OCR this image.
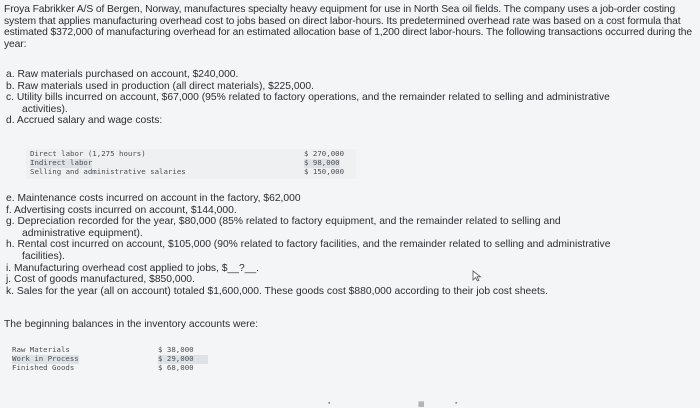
Froya Fabrikker A/S of Bergen, Norway, manufactures specialty heavy equipment for use in North Sea oil fields. The company uses a job-order costing system that applies manufacturing overhead cost to jobs based on direct labor-hours. Its predetermined overhead rate was based on a cost formula that estimated $372,000 of manufacturing overhead for an estimated allocation base of 1,200 direct labor-hours. The following transactions occurred during the year:
a. Raw materials purchased on account, $240,000.
b. Raw materials used in production (all direct materials), $225,000.
c. Utility bills incurred on account, $67,000 (95% related to factory operations, and the remainder related to selling and administrative
activities).
d. Accrued salary and wage costs:
Direct labor (1,275 hours)	$ 270,000
Indirect labor	$ 98,000
Selling and administrative salaries	$ 150,000
e. Maintenance costs incurred on account in the factory, $62,000
f. Advertising costs incurred on account, $144,000.
g. Depreciation recorded for the year, $80,000 (85% related to factory equipment, and the remainder related to selling and
administrative equipment).
h. Rental cost incurred on account, $105,000 (90% related to factory facilities, and the remainder related to selling and administrative
facilities).
i. Manufacturing overhead cost applied to jobs, $__?__.
j. Cost of goods manufactured, $850,000.
k. Sales for the year (all on account) totaled $1,600,000. These goods cost $880,000 according to their job cost sheets.
The beginning balances in the inventory accounts were:
Raw Materials	$ 38,000
Work in Process	$ 29,000
Finished Goods	$ 68,000
▪	▦	▪
